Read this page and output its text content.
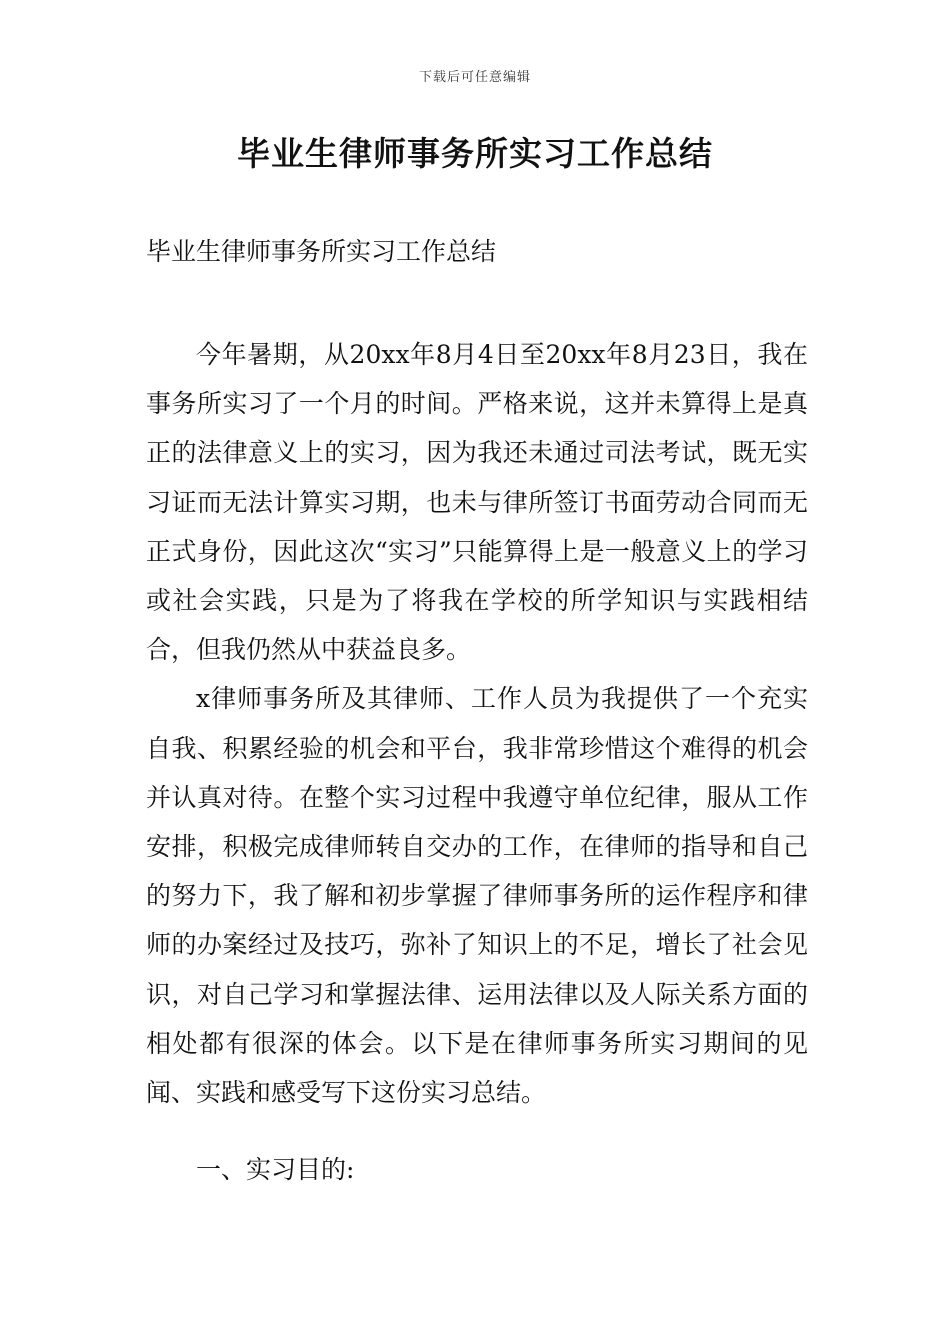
下载后可任意编辑
毕业生律师事务所实习工作总结

毕业生律师事务所实习工作总结

今年暑期，从20xx年8月4日至20xx年8月23日，我在事务所实习了一个月的时间。严格来说，这并未算得上是真正的法律意义上的实习，因为我还未通过司法考试，既无实习证而无法计算实习期，也未与律所签订书面劳动合同而无正式身份，因此这次“实习”只能算得上是一般意义上的学习或社会实践，只是为了将我在学校的所学知识与实践相结合，但我仍然从中获益良多。

x律师事务所及其律师、工作人员为我提供了一个充实自我、积累经验的机会和平台，我非常珍惜这个难得的机会并认真对待。在整个实习过程中我遵守单位纪律，服从工作安排，积极完成律师转自交办的工作，在律师的指导和自己的努力下，我了解和初步掌握了律师事务所的运作程序和律师的办案经过及技巧，弥补了知识上的不足，增长了社会见识，对自己学习和掌握法律、运用法律以及人际关系方面的相处都有很深的体会。以下是在律师事务所实习期间的见闻、实践和感受写下这份实习总结。

一、实习目的:
